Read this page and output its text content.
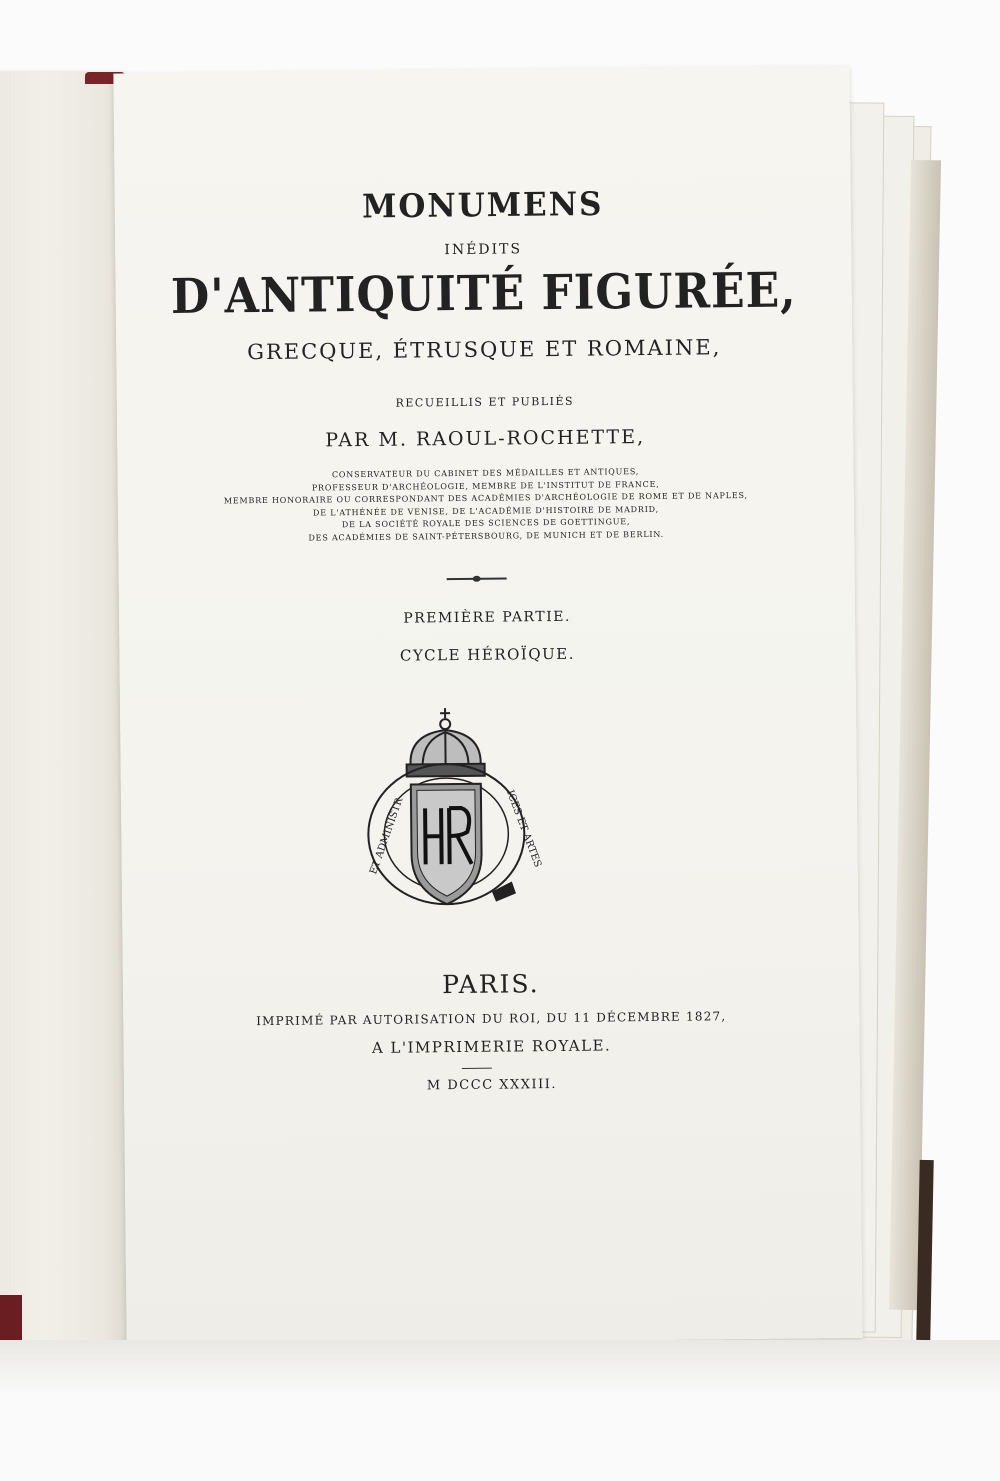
MONUMENS
INÉDITS
D'ANTIQUITÉ FIGURÉE,
GRECQUE, ÉTRUSQUE ET ROMAINE,
RECUEILLIS ET PUBLIÉS
PAR M. RAOUL-ROCHETTE,
CONSERVATEUR DU CABINET DES MÉDAILLES ET ANTIQUES,
PROFESSEUR D'ARCHÉOLOGIE, MEMBRE DE L'INSTITUT DE FRANCE,
MEMBRE HONORAIRE OU CORRESPONDANT DES ACADÉMIES D'ARCHÉOLOGIE DE ROME ET DE NAPLES,
DE L'ATHÉNÉE DE VENISE, DE L'ACADÉMIE D'HISTOIRE DE MADRID,
DE LA SOCIÉTÉ ROYALE DES SCIENCES DE GOETTINGUE,
DES ACADÉMIES DE SAINT-PÉTERSBOURG, DE MUNICH ET DE BERLIN.
PREMIÈRE PARTIE.
CYCLE HÉROÏQUE.
ET ADMINISTR	ICES ET ARTES
PARIS.
IMPRIMÉ PAR AUTORISATION DU ROI, DU 11 DÉCEMBRE 1827,
A L'IMPRIMERIE ROYALE.
M DCCC XXXIII.
